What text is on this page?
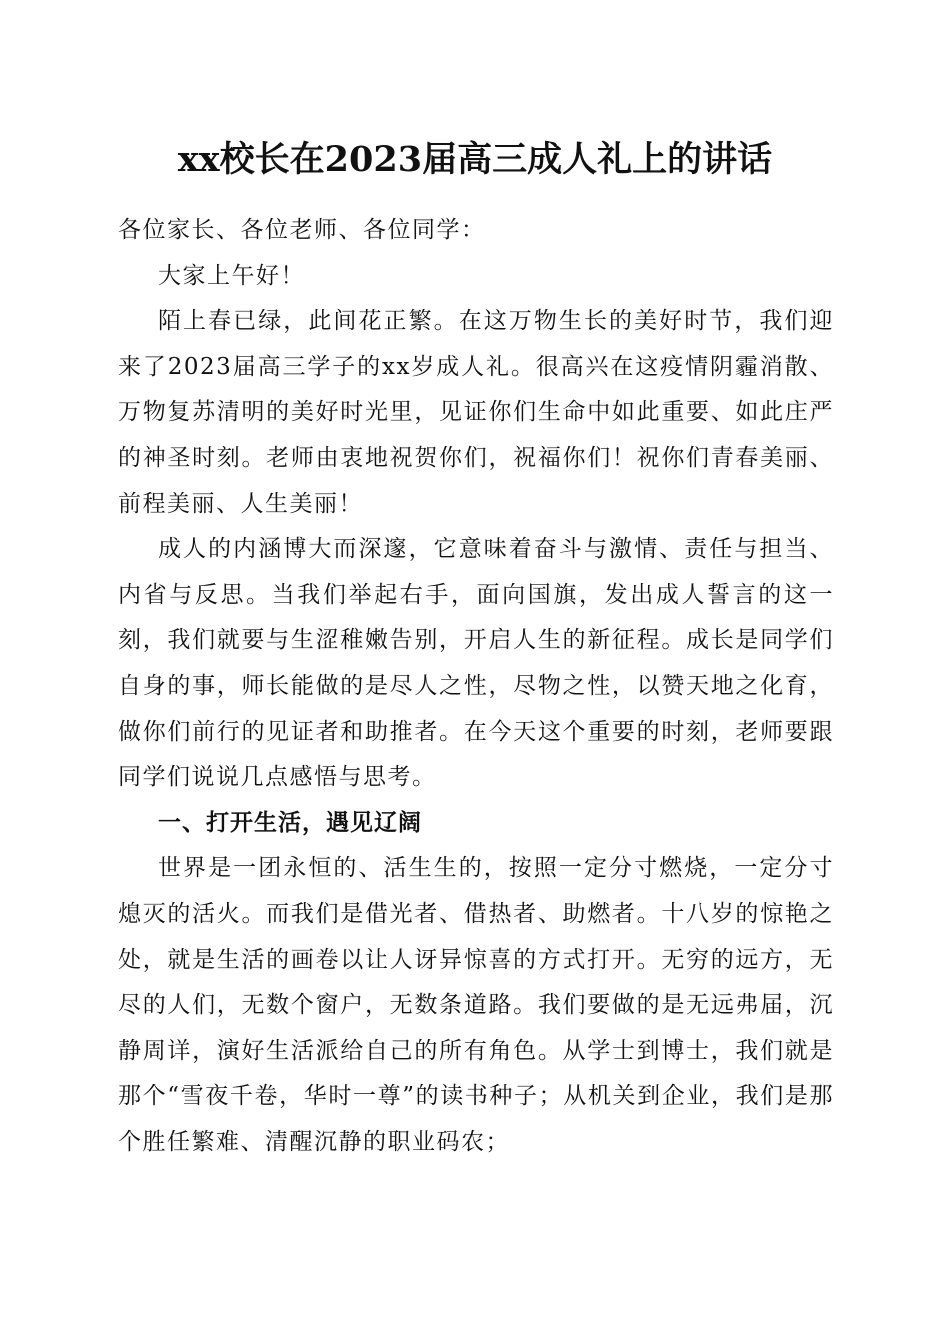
xx校长在2023届高三成人礼上的讲话

各位家长、各位老师、各位同学：

大家上午好！

陌上春已绿，此间花正繁。在这万物生长的美好时节，我们迎来了2023届高三学子的xx岁成人礼。很高兴在这疫情阴霾消散、万物复苏清明的美好时光里，见证你们生命中如此重要、如此庄严的神圣时刻。老师由衷地祝贺你们，祝福你们！祝你们青春美丽、前程美丽、人生美丽！

成人的内涵博大而深邃，它意味着奋斗与激情、责任与担当、内省与反思。当我们举起右手，面向国旗，发出成人誓言的这一刻，我们就要与生涩稚嫩告别，开启人生的新征程。成长是同学们自身的事，师长能做的是尽人之性，尽物之性，以赞天地之化育，做你们前行的见证者和助推者。在今天这个重要的时刻，老师要跟同学们说说几点感悟与思考。

一、打开生活，遇见辽阔

世界是一团永恒的、活生生的，按照一定分寸燃烧，一定分寸熄灭的活火。而我们是借光者、借热者、助燃者。十八岁的惊艳之处，就是生活的画卷以让人讶异惊喜的方式打开。无穷的远方，无尽的人们，无数个窗户，无数条道路。我们要做的是无远弗届，沉静周详，演好生活派给自己的所有角色。从学士到博士，我们就是那个“雪夜千卷，华时一尊”的读书种子；从机关到企业，我们是那个胜任繁难、清醒沉静的职业码农；
